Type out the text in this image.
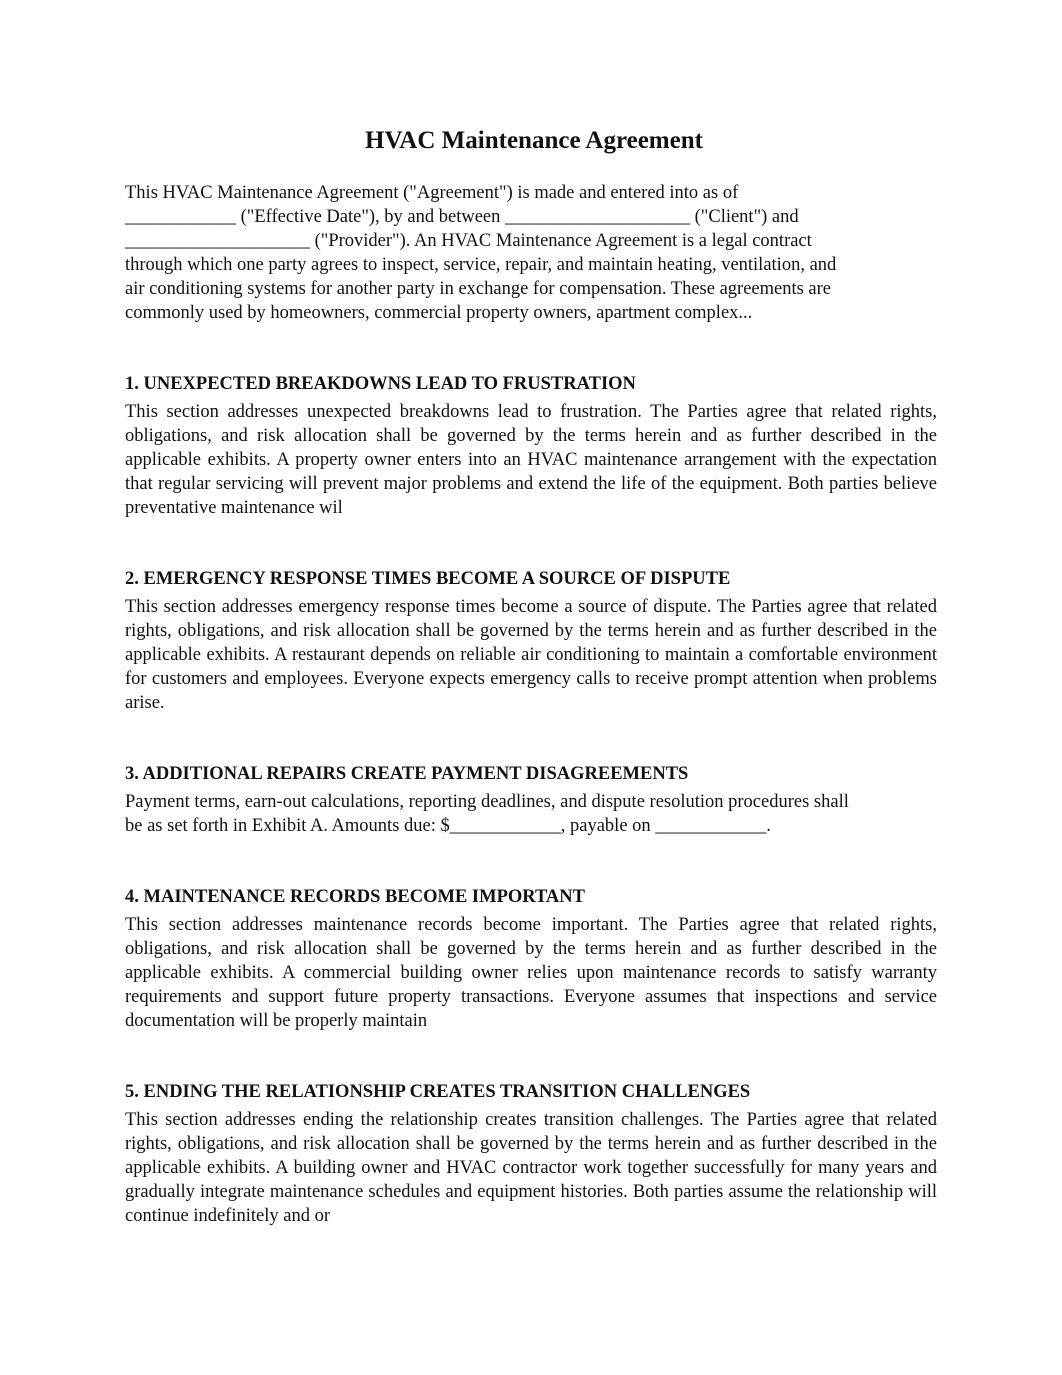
HVAC Maintenance Agreement

This HVAC Maintenance Agreement ("Agreement") is made and entered into as of
____________ ("Effective Date"), by and between ____________________ ("Client") and
____________________ ("Provider"). An HVAC Maintenance Agreement is a legal contract
through which one party agrees to inspect, service, repair, and maintain heating, ventilation, and
air conditioning systems for another party in exchange for compensation. These agreements are
commonly used by homeowners, commercial property owners, apartment complex...

1. UNEXPECTED BREAKDOWNS LEAD TO FRUSTRATION

This section addresses unexpected breakdowns lead to frustration. The Parties agree that related rights, obligations, and risk allocation shall be governed by the terms herein and as further described in the applicable exhibits. A property owner enters into an HVAC maintenance arrangement with the expectation that regular servicing will prevent major problems and extend the life of the equipment. Both parties believe preventative maintenance wil

2. EMERGENCY RESPONSE TIMES BECOME A SOURCE OF DISPUTE

This section addresses emergency response times become a source of dispute. The Parties agree that related rights, obligations, and risk allocation shall be governed by the terms herein and as further described in the applicable exhibits. A restaurant depends on reliable air conditioning to maintain a comfortable environment for customers and employees. Everyone expects emergency calls to receive prompt attention when problems arise.

3. ADDITIONAL REPAIRS CREATE PAYMENT DISAGREEMENTS

Payment terms, earn-out calculations, reporting deadlines, and dispute resolution procedures shall
be as set forth in Exhibit A. Amounts due: $____________, payable on ____________.

4. MAINTENANCE RECORDS BECOME IMPORTANT

This section addresses maintenance records become important. The Parties agree that related rights, obligations, and risk allocation shall be governed by the terms herein and as further described in the applicable exhibits. A commercial building owner relies upon maintenance records to satisfy warranty requirements and support future property transactions. Everyone assumes that inspections and service documentation will be properly maintain

5. ENDING THE RELATIONSHIP CREATES TRANSITION CHALLENGES

This section addresses ending the relationship creates transition challenges. The Parties agree that related rights, obligations, and risk allocation shall be governed by the terms herein and as further described in the applicable exhibits. A building owner and HVAC contractor work together successfully for many years and gradually integrate maintenance schedules and equipment histories. Both parties assume the relationship will continue indefinitely and or
